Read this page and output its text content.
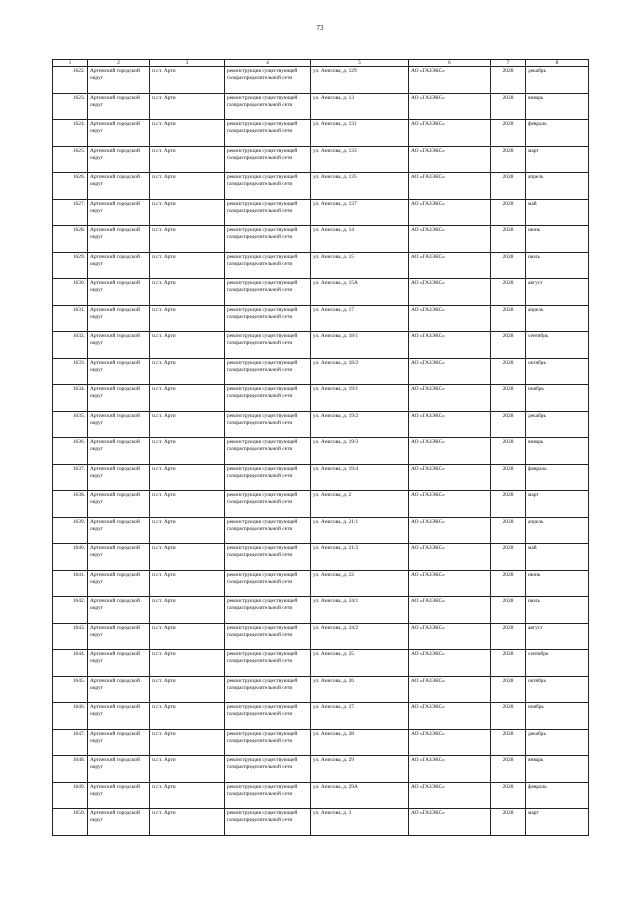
73
1	2	3	4	5	6	7	8
1622.	Артинский городской округ	п.г.т. Арти	реконструкция существующей газораспределительной сети	ул. Анисова, д. 129	АО «ГАЗЭКС»	2028	декабрь
1623.	Артинский городской округ	п.г.т. Арти	реконструкция существующей газораспределительной сети	ул. Анисова, д. 13	АО «ГАЗЭКС»	2028	январь
1624.	Артинский городской округ	п.г.т. Арти	реконструкция существующей газораспределительной сети	ул. Анисова, д. 131	АО «ГАЗЭКС»	2028	февраль
1625.	Артинский городской округ	п.г.т. Арти	реконструкция существующей газораспределительной сети	ул. Анисова, д. 133	АО «ГАЗЭКС»	2028	март
1626.	Артинский городской округ	п.г.т. Арти	реконструкция существующей газораспределительной сети	ул. Анисова, д. 135	АО «ГАЗЭКС»	2028	апрель
1627.	Артинский городской округ	п.г.т. Арти	реконструкция существующей газораспределительной сети	ул. Анисова, д. 137	АО «ГАЗЭКС»	2028	май
1628.	Артинский городской округ	п.г.т. Арти	реконструкция существующей газораспределительной сети	ул. Анисова, д. 14	АО «ГАЗЭКС»	2028	июнь
1629.	Артинский городской округ	п.г.т. Арти	реконструкция существующей газораспределительной сети	ул. Анисова, д. 15	АО «ГАЗЭКС»	2028	июль
1630.	Артинский городской округ	п.г.т. Арти	реконструкция существующей газораспределительной сети	ул. Анисова, д. 15А	АО «ГАЗЭКС»	2028	август
1631.	Артинский городской округ	п.г.т. Арти	реконструкция существующей газораспределительной сети	ул. Анисова, д. 17	АО «ГАЗЭКС»	2028	апрель
1632.	Артинский городской округ	п.г.т. Арти	реконструкция существующей газораспределительной сети	ул. Анисова, д. 18/1	АО «ГАЗЭКС»	2028	сентябрь
1633.	Артинский городской округ	п.г.т. Арти	реконструкция существующей газораспределительной сети	ул. Анисова, д. 18/2	АО «ГАЗЭКС»	2028	октябрь
1634.	Артинский городской округ	п.г.т. Арти	реконструкция существующей газораспределительной сети	ул. Анисова, д. 19/1	АО «ГАЗЭКС»	2028	ноябрь
1635.	Артинский городской округ	п.г.т. Арти	реконструкция существующей газораспределительной сети	ул. Анисова, д. 19/2	АО «ГАЗЭКС»	2028	декабрь
1636.	Артинский городской округ	п.г.т. Арти	реконструкция существующей газораспределительной сети	ул. Анисова, д. 19/3	АО «ГАЗЭКС»	2028	январь
1637.	Артинский городской округ	п.г.т. Арти	реконструкция существующей газораспределительной сети	ул. Анисова, д. 19/4	АО «ГАЗЭКС»	2028	февраль
1638.	Артинский городской округ	п.г.т. Арти	реконструкция существующей газораспределительной сети	ул. Анисова, д. 2	АО «ГАЗЭКС»	2028	март
1639.	Артинский городской округ	п.г.т. Арти	реконструкция существующей газораспределительной сети	ул. Анисова, д. 21/1	АО «ГАЗЭКС»	2028	апрель
1640.	Артинский городской округ	п.г.т. Арти	реконструкция существующей газораспределительной сети	ул. Анисова, д. 21/2	АО «ГАЗЭКС»	2028	май
1641.	Артинский городской округ	п.г.т. Арти	реконструкция существующей газораспределительной сети	ул. Анисова, д. 22	АО «ГАЗЭКС»	2028	июнь
1642.	Артинский городской округ	п.г.т. Арти	реконструкция существующей газораспределительной сети	ул. Анисова, д. 24/1	АО «ГАЗЭКС»	2028	июль
1643.	Артинский городской округ	п.г.т. Арти	реконструкция существующей газораспределительной сети	ул. Анисова, д. 24/2	АО «ГАЗЭКС»	2028	август
1644.	Артинский городской округ	п.г.т. Арти	реконструкция существующей газораспределительной сети	ул. Анисова, д. 25	АО «ГАЗЭКС»	2028	сентябрь
1645.	Артинский городской округ	п.г.т. Арти	реконструкция существующей газораспределительной сети	ул. Анисова, д. 26	АО «ГАЗЭКС»	2028	октябрь
1646.	Артинский городской округ	п.г.т. Арти	реконструкция существующей газораспределительной сети	ул. Анисова, д. 27	АО «ГАЗЭКС»	2028	ноябрь
1647.	Артинский городской округ	п.г.т. Арти	реконструкция существующей газораспределительной сети	ул. Анисова, д. 28	АО «ГАЗЭКС»	2028	декабрь
1648.	Артинский городской округ	п.г.т. Арти	реконструкция существующей газораспределительной сети	ул. Анисова, д. 29	АО «ГАЗЭКС»	2028	январь
1649.	Артинский городской округ	п.г.т. Арти	реконструкция существующей газораспределительной сети	ул. Анисова, д. 29А	АО «ГАЗЭКС»	2028	февраль
1650.	Артинский городской округ	п.г.т. Арти	реконструкция существующей газораспределительной сети	ул. Анисова, д. 3	АО «ГАЗЭКС»	2028	март
